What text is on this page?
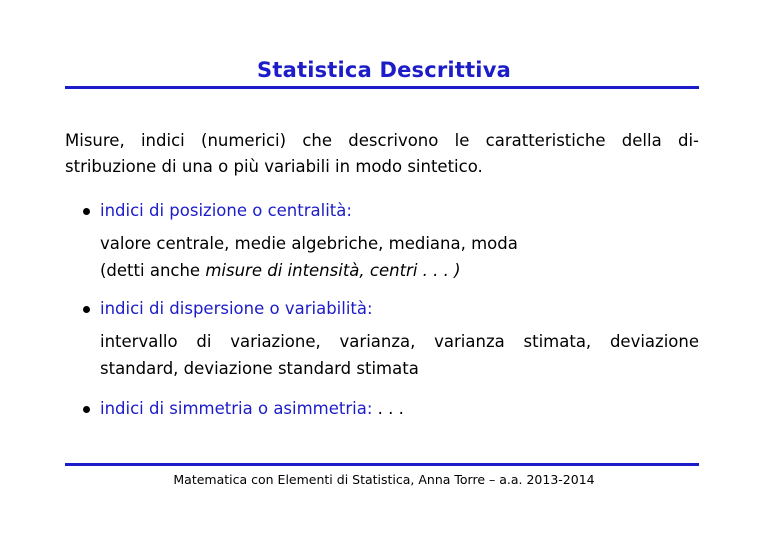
Statistica Descrittiva
Misure, indici (numerici) che descrivono le caratteristiche della di-
stribuzione di una o più variabili in modo sintetico.
indici di posizione o centralità:
valore centrale, medie algebriche, mediana, moda
(detti anche misure di intensità, centri . . . )
indici di dispersione o variabilità:
intervallo di variazione, varianza, varianza stimata, deviazione
standard, deviazione standard stimata
indici di simmetria o asimmetria: . . .
Matematica con Elementi di Statistica, Anna Torre – a.a. 2013-2014
